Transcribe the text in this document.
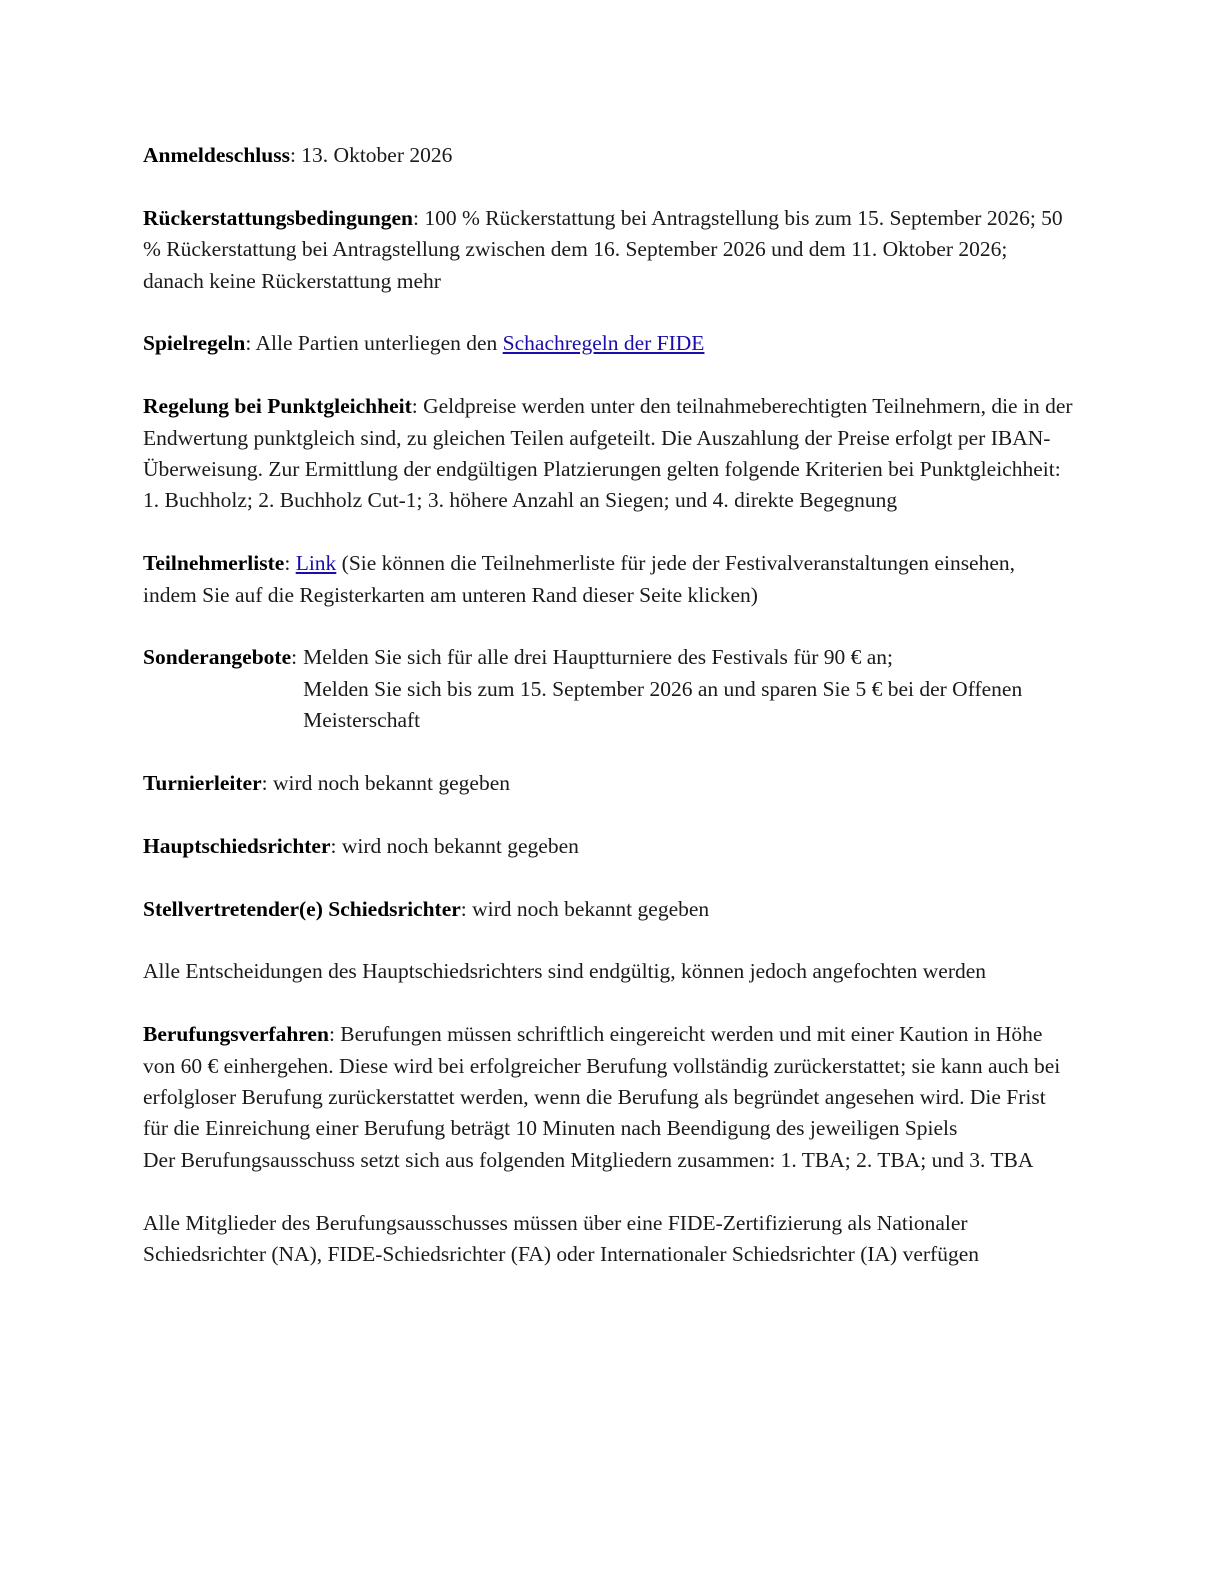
Anmeldeschluss: 13. Oktober 2026

Rückerstattungsbedingungen: 100 % Rückerstattung bei Antragstellung bis zum 15. September 2026; 50 % Rückerstattung bei Antragstellung zwischen dem 16. September 2026 und dem 11. Oktober 2026; danach keine Rückerstattung mehr

Spielregeln: Alle Partien unterliegen den Schachregeln der FIDE

Regelung bei Punktgleichheit: Geldpreise werden unter den teilnahmeberechtigten Teilnehmern, die in der Endwertung punktgleich sind, zu gleichen Teilen aufgeteilt. Die Auszahlung der Preise erfolgt per IBAN-Überweisung. Zur Ermittlung der endgültigen Platzierungen gelten folgende Kriterien bei Punktgleichheit: 1. Buchholz; 2. Buchholz Cut-1; 3. höhere Anzahl an Siegen; und 4. direkte Begegnung

Teilnehmerliste: Link (Sie können die Teilnehmerliste für jede der Festivalveranstaltungen einsehen, indem Sie auf die Registerkarten am unteren Rand dieser Seite klicken)

Sonderangebote: Melden Sie sich für alle drei Hauptturniere des Festivals für 90 € an;
Melden Sie sich bis zum 15. September 2026 an und sparen Sie 5 € bei der Offenen Meisterschaft

Turnierleiter: wird noch bekannt gegeben

Hauptschiedsrichter: wird noch bekannt gegeben

Stellvertretender(e) Schiedsrichter: wird noch bekannt gegeben

Alle Entscheidungen des Hauptschiedsrichters sind endgültig, können jedoch angefochten werden

Berufungsverfahren: Berufungen müssen schriftlich eingereicht werden und mit einer Kaution in Höhe von 60 € einhergehen. Diese wird bei erfolgreicher Berufung vollständig zurückerstattet; sie kann auch bei erfolgloser Berufung zurückerstattet werden, wenn die Berufung als begründet angesehen wird. Die Frist für die Einreichung einer Berufung beträgt 10 Minuten nach Beendigung des jeweiligen Spiels

Der Berufungsausschuss setzt sich aus folgenden Mitgliedern zusammen: 1. TBA; 2. TBA; und 3. TBA

Alle Mitglieder des Berufungsausschusses müssen über eine FIDE-Zertifizierung als Nationaler Schiedsrichter (NA), FIDE-Schiedsrichter (FA) oder Internationaler Schiedsrichter (IA) verfügen
